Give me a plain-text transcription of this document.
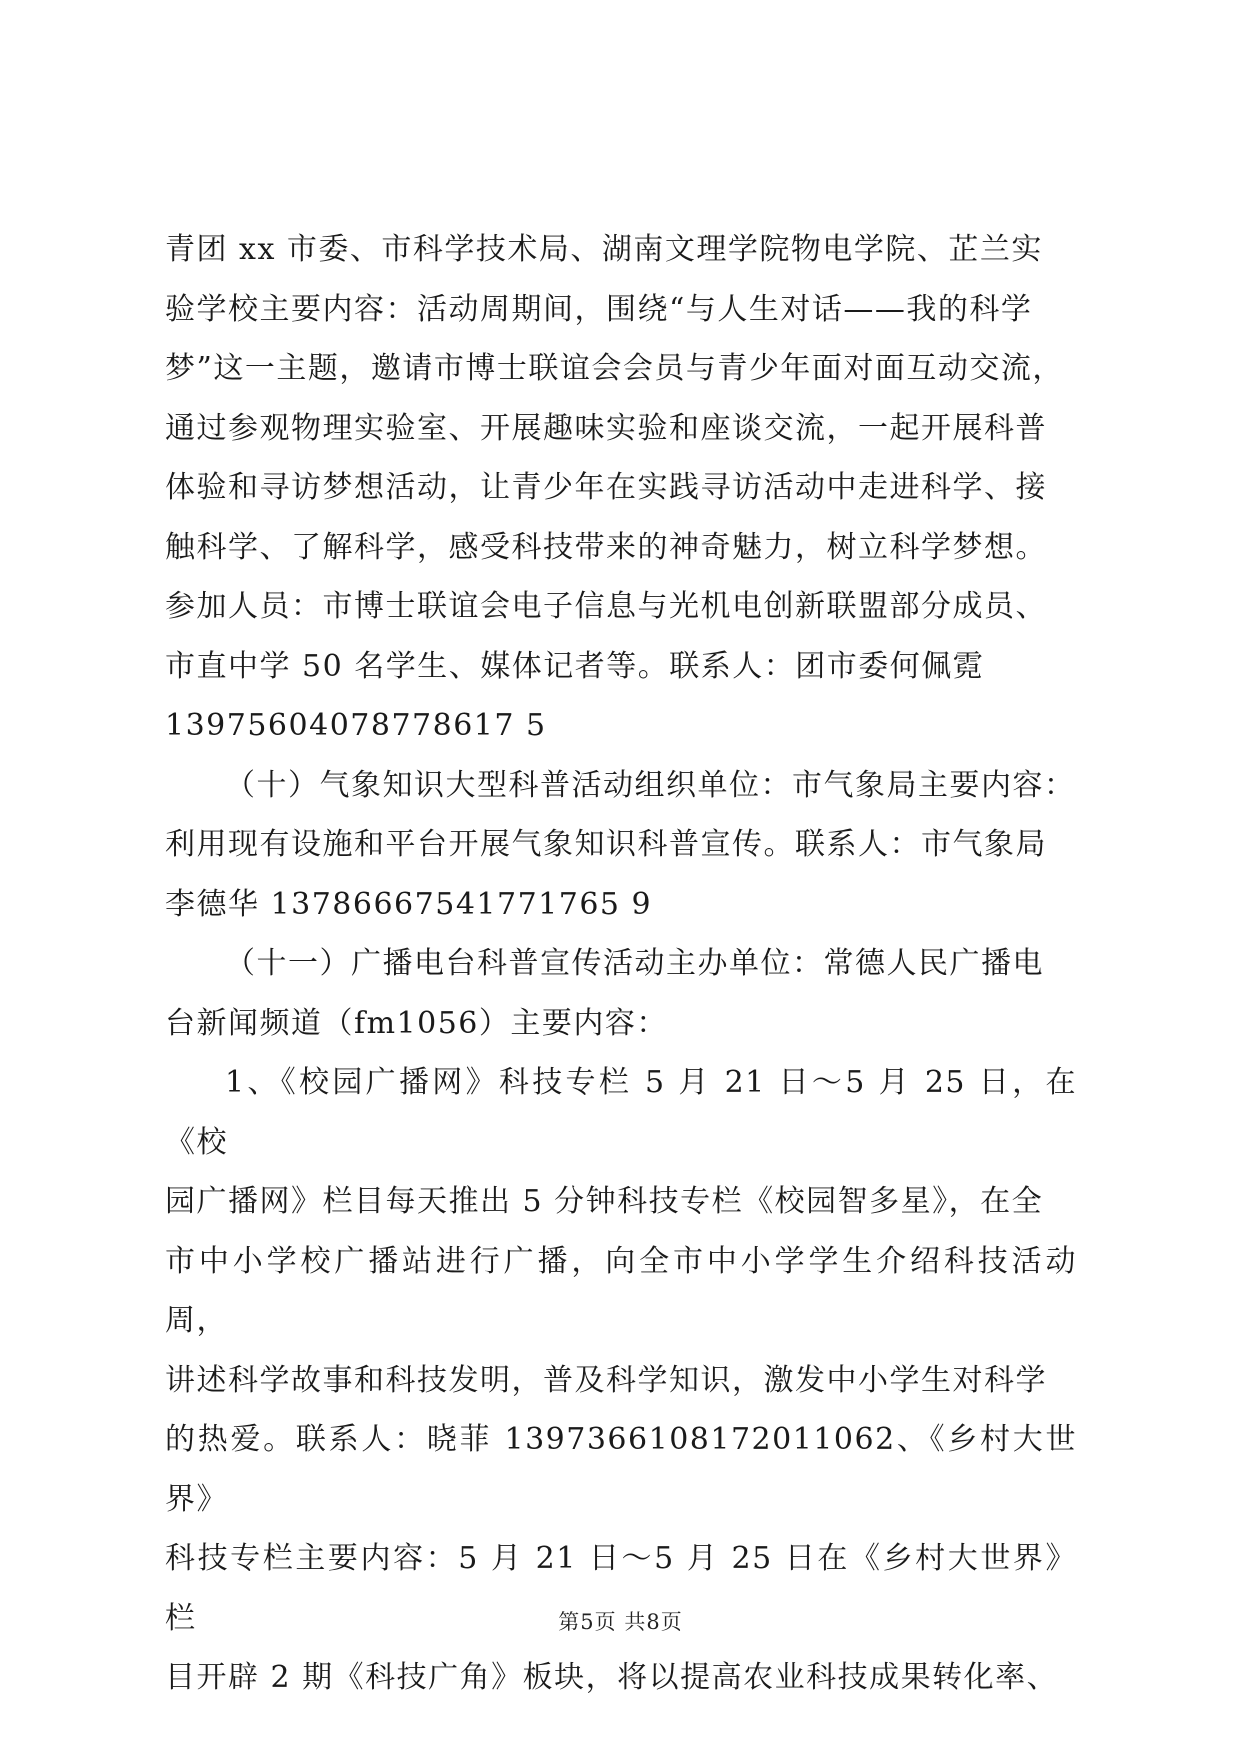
青团 xx 市委、市科学技术局、湖南文理学院物电学院、芷兰实
验学校主要内容：活动周期间，围绕“与人生对话——我的科学
梦”这一主题，邀请市博士联谊会会员与青少年面对面互动交流，
通过参观物理实验室、开展趣味实验和座谈交流，一起开展科普
体验和寻访梦想活动，让青少年在实践寻访活动中走进科学、接
触科学、了解科学，感受科技带来的神奇魅力，树立科学梦想。
参加人员：市博士联谊会电子信息与光机电创新联盟部分成员、
市直中学 50 名学生、媒体记者等。联系人：团市委何佩霓
13975604078778617 5

（十）气象知识大型科普活动组织单位：市气象局主要内容：
利用现有设施和平台开展气象知识科普宣传。联系人：市气象局
李德华 13786667541771765 9

（十一）广播电台科普宣传活动主办单位：常德人民广播电
台新闻频道（fm1056）主要内容：

1、《校园广播网》科技专栏 5 月 21 日～5 月 25 日，在《校
园广播网》栏目每天推出 5 分钟科技专栏《校园智多星》，在全
市中小学校广播站进行广播，向全市中小学学生介绍科技活动周，
讲述科学故事和科技发明，普及科学知识，激发中小学生对科学
的热爱。联系人：晓菲 1397366108172011062、《乡村大世界》
科技专栏主要内容：5 月 21 日～5 月 25 日在《乡村大世界》栏
目开辟 2 期《科技广角》板块，将以提高农业科技成果转化率、

第5页 共8页
